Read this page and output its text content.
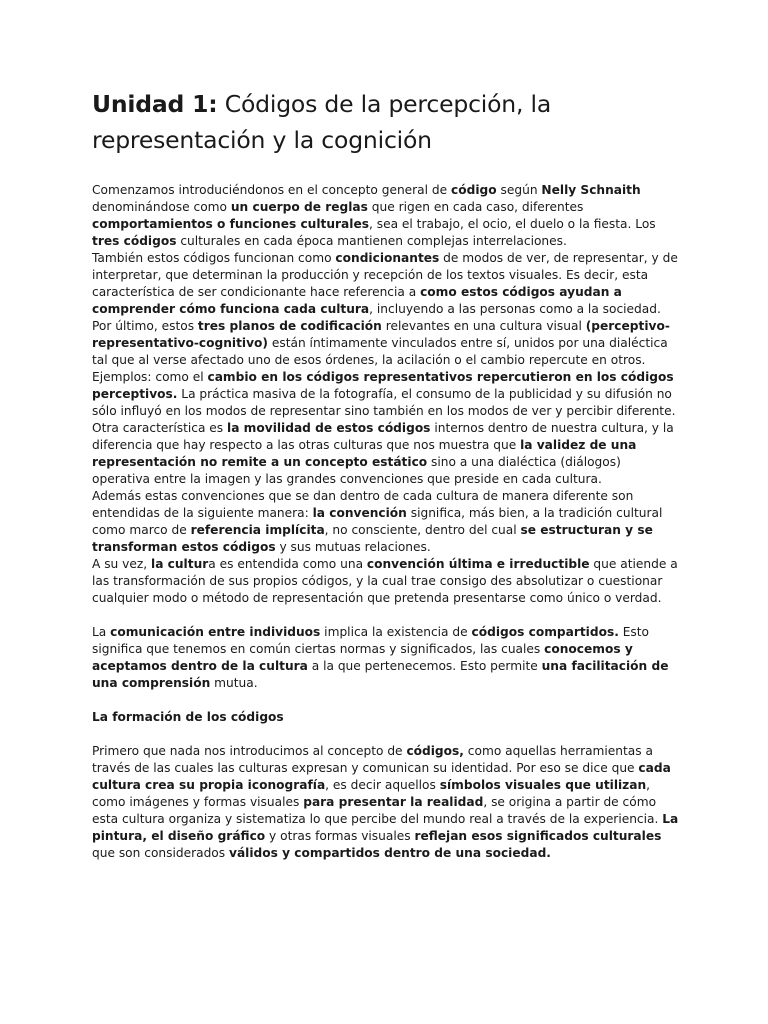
Unidad 1: Códigos de la percepción, la representación y la cognición

Comenzamos introduciéndonos en el concepto general de código según Nelly Schnaith denominándose como un cuerpo de reglas que rigen en cada caso, diferentes comportamientos o funciones culturales, sea el trabajo, el ocio, el duelo o la fiesta. Los tres códigos culturales en cada época mantienen complejas interrelaciones.

También estos códigos funcionan como condicionantes de modos de ver, de representar, y de interpretar, que determinan la producción y recepción de los textos visuales. Es decir, esta característica de ser condicionante hace referencia a como estos códigos ayudan a comprender cómo funciona cada cultura, incluyendo a las personas como a la sociedad.

Por último, estos tres planos de codificación relevantes en una cultura visual (perceptivo-representativo-cognitivo) están íntimamente vinculados entre sí, unidos por una dialéctica tal que al verse afectado uno de esos órdenes, la acilación o el cambio repercute en otros.

Ejemplos: como el cambio en los códigos representativos repercutieron en los códigos perceptivos. La práctica masiva de la fotografía, el consumo de la publicidad y su difusión no sólo influyó en los modos de representar sino también en los modos de ver y percibir diferente.

Otra característica es la movilidad de estos códigos internos dentro de nuestra cultura, y la diferencia que hay respecto a las otras culturas que nos muestra que la validez de una representación no remite a un concepto estático sino a una dialéctica (diálogos) operativa entre la imagen y las grandes convenciones que preside en cada cultura.

Además estas convenciones que se dan dentro de cada cultura de manera diferente son entendidas de la siguiente manera: la convención significa, más bien, a la tradición cultural como marco de referencia implícita, no consciente, dentro del cual se estructuran y se transforman estos códigos y sus mutuas relaciones.

A su vez, la cultura es entendida como una convención última e irreductible que atiende a las transformación de sus propios códigos, y la cual trae consigo des absolutizar o cuestionar cualquier modo o método de representación que pretenda presentarse como único o verdad.

La comunicación entre individuos implica la existencia de códigos compartidos. Esto significa que tenemos en común ciertas normas y significados, las cuales conocemos y aceptamos dentro de la cultura a la que pertenecemos. Esto permite una facilitación de una comprensión mutua.

La formación de los códigos

Primero que nada nos introducimos al concepto de códigos, como aquellas herramientas a través de las cuales las culturas expresan y comunican su identidad. Por eso se dice que cada cultura crea su propia iconografía, es decir aquellos símbolos visuales que utilizan, como imágenes y formas visuales para presentar la realidad, se origina a partir de cómo esta cultura organiza y sistematiza lo que percibe del mundo real a través de la experiencia. La pintura, el diseño gráfico y otras formas visuales reflejan esos significados culturales que son considerados válidos y compartidos dentro de una sociedad.
